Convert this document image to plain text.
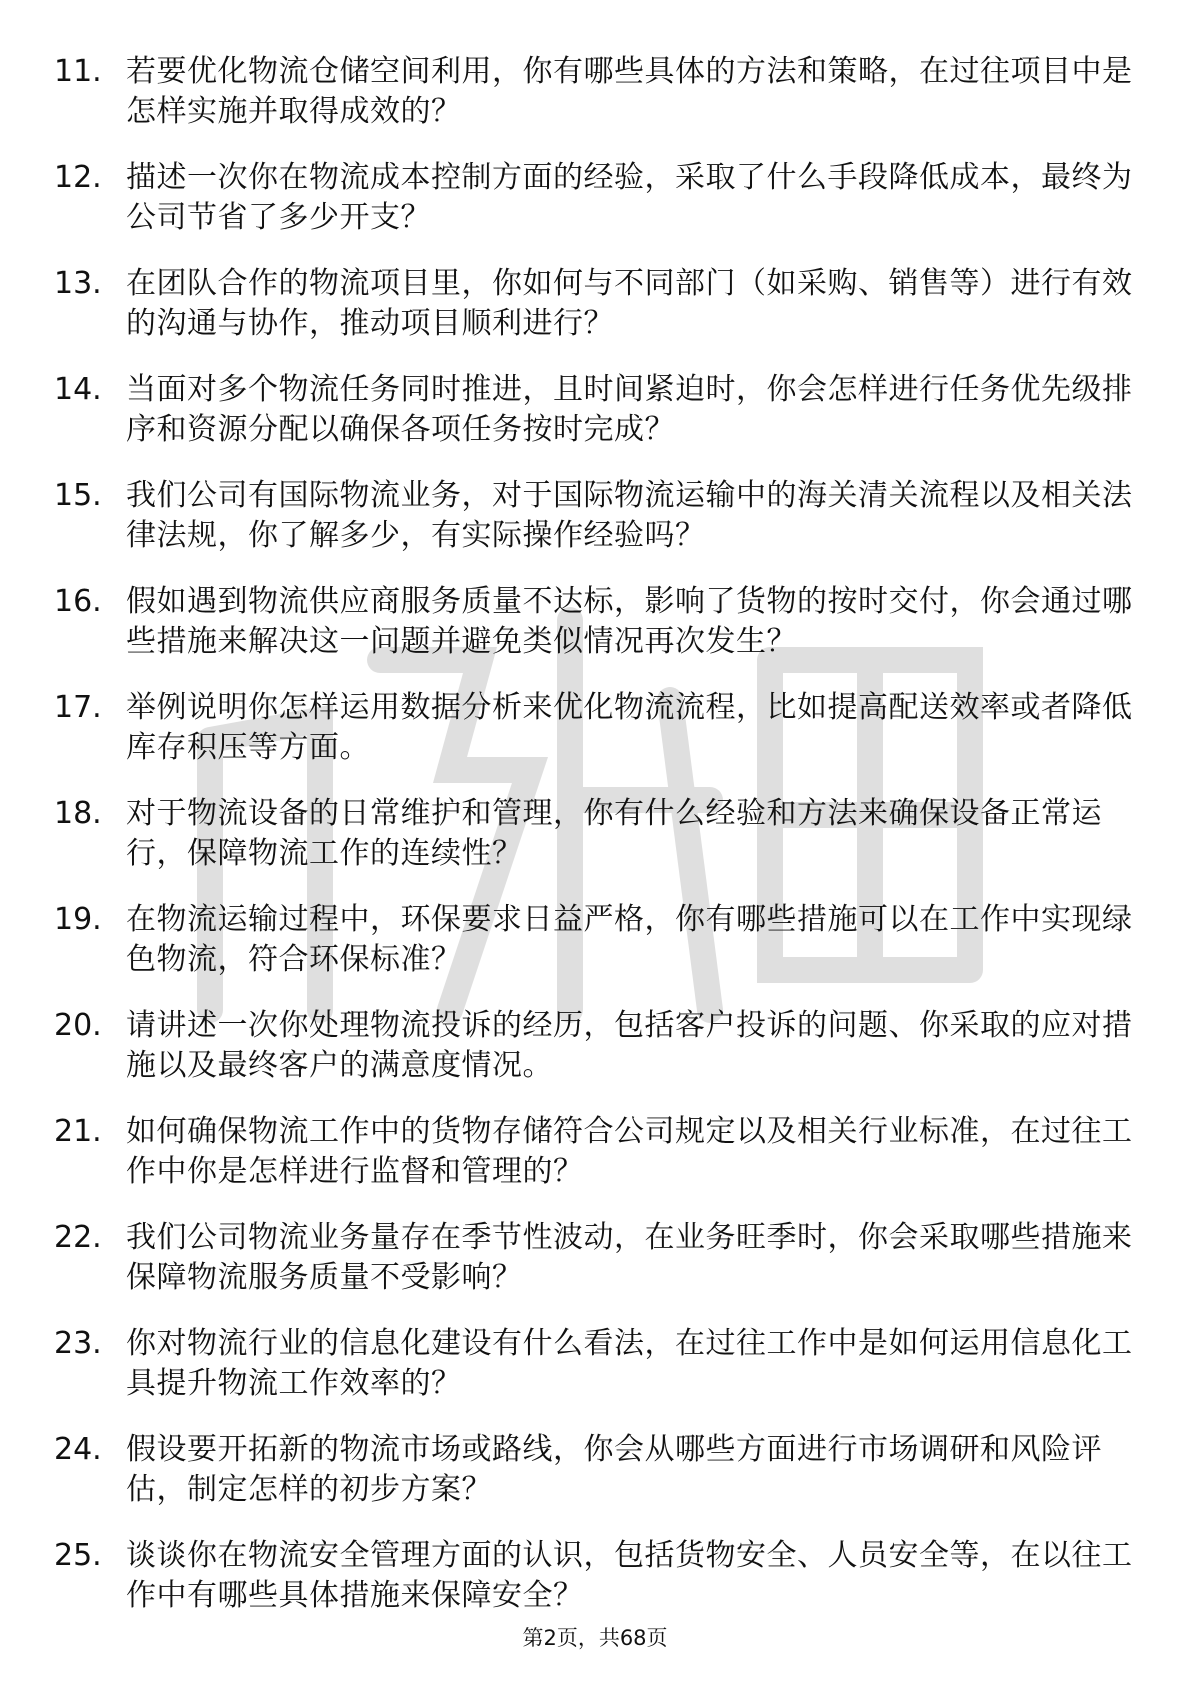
11. 若要优化物流仓储空间利用，你有哪些具体的方法和策略，在过往项目中是怎样实施并取得成效的？
12. 描述一次你在物流成本控制方面的经验，采取了什么手段降低成本，最终为公司节省了多少开支？
13. 在团队合作的物流项目里，你如何与不同部门（如采购、销售等）进行有效的沟通与协作，推动项目顺利进行？
14. 当面对多个物流任务同时推进，且时间紧迫时，你会怎样进行任务优先级排序和资源分配以确保各项任务按时完成？
15. 我们公司有国际物流业务，对于国际物流运输中的海关清关流程以及相关法律法规，你了解多少，有实际操作经验吗？
16. 假如遇到物流供应商服务质量不达标，影响了货物的按时交付，你会通过哪些措施来解决这一问题并避免类似情况再次发生？
17. 举例说明你怎样运用数据分析来优化物流流程，比如提高配送效率或者降低库存积压等方面。
18. 对于物流设备的日常维护和管理，你有什么经验和方法来确保设备正常运行，保障物流工作的连续性？
19. 在物流运输过程中，环保要求日益严格，你有哪些措施可以在工作中实现绿色物流，符合环保标准？
20. 请讲述一次你处理物流投诉的经历，包括客户投诉的问题、你采取的应对措施以及最终客户的满意度情况。
21. 如何确保物流工作中的货物存储符合公司规定以及相关行业标准，在过往工作中你是怎样进行监督和管理的？
22. 我们公司物流业务量存在季节性波动，在业务旺季时，你会采取哪些措施来保障物流服务质量不受影响？
23. 你对物流行业的信息化建设有什么看法，在过往工作中是如何运用信息化工具提升物流工作效率的？
24. 假设要开拓新的物流市场或路线，你会从哪些方面进行市场调研和风险评估，制定怎样的初步方案？
25. 谈谈你在物流安全管理方面的认识，包括货物安全、人员安全等，在以往工作中有哪些具体措施来保障安全？
第2页，共68页
